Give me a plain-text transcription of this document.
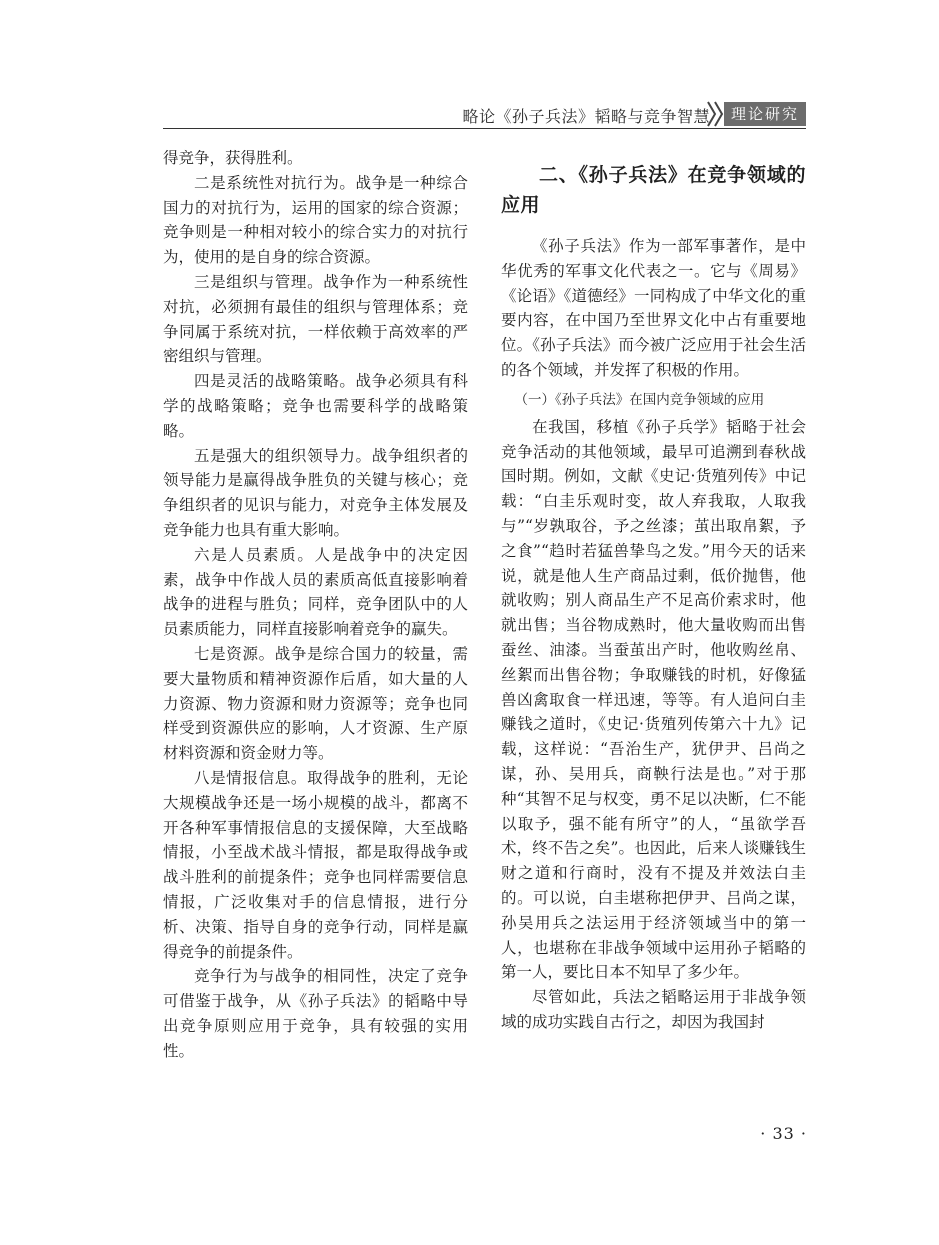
略论《孙子兵法》韬略与竞争智慧	理论研究

得竞争，获得胜利。

二是系统性对抗行为。战争是一种综合国力的对抗行为，运用的国家的综合资源；竞争则是一种相对较小的综合实力的对抗行为，使用的是自身的综合资源。

三是组织与管理。战争作为一种系统性对抗，必须拥有最佳的组织与管理体系；竞争同属于系统对抗，一样依赖于高效率的严密组织与管理。

四是灵活的战略策略。战争必须具有科学的战略策略；竞争也需要科学的战略策略。

五是强大的组织领导力。战争组织者的领导能力是赢得战争胜负的关键与核心；竞争组织者的见识与能力，对竞争主体发展及竞争能力也具有重大影响。

六是人员素质。人是战争中的决定因素，战争中作战人员的素质高低直接影响着战争的进程与胜负；同样，竞争团队中的人员素质能力，同样直接影响着竞争的赢失。

七是资源。战争是综合国力的较量，需要大量物质和精神资源作后盾，如大量的人力资源、物力资源和财力资源等；竞争也同样受到资源供应的影响，人才资源、生产原材料资源和资金财力等。

八是情报信息。取得战争的胜利，无论大规模战争还是一场小规模的战斗，都离不开各种军事情报信息的支援保障，大至战略情报，小至战术战斗情报，都是取得战争或战斗胜利的前提条件；竞争也同样需要信息情报，广泛收集对手的信息情报，进行分析、决策、指导自身的竞争行动，同样是赢得竞争的前提条件。

竞争行为与战争的相同性，决定了竞争可借鉴于战争，从《孙子兵法》的韬略中导出竞争原则应用于竞争，具有较强的实用性。

二、《孙子兵法》在竞争领域的应用

《孙子兵法》作为一部军事著作，是中华优秀的军事文化代表之一。它与《周易》《论语》《道德经》一同构成了中华文化的重要内容，在中国乃至世界文化中占有重要地位。《孙子兵法》而今被广泛应用于社会生活的各个领域，并发挥了积极的作用。

（一）《孙子兵法》在国内竞争领域的应用

在我国，移植《孙子兵学》韬略于社会竞争活动的其他领域，最早可追溯到春秋战国时期。例如，文献《史记·货殖列传》中记载：“白圭乐观时变，故人弃我取，人取我与”“岁孰取谷，予之丝漆；茧出取帛絮，予之食”“趋时若猛兽挚鸟之发。”用今天的话来说，就是他人生产商品过剩，低价抛售，他就收购；别人商品生产不足高价索求时，他就出售；当谷物成熟时，他大量收购而出售蚕丝、油漆。当蚕茧出产时，他收购丝帛、丝絮而出售谷物；争取赚钱的时机，好像猛兽凶禽取食一样迅速，等等。有人追问白圭赚钱之道时，《史记·货殖列传第六十九》记载，这样说：“吾治生产，犹伊尹、吕尚之谋，孙、吴用兵，商鞅行法是也。”对于那种“其智不足与权变，勇不足以决断，仁不能以取予，强不能有所守”的人，“虽欲学吾术，终不告之矣”。也因此，后来人谈赚钱生财之道和行商时，没有不提及并效法白圭的。可以说，白圭堪称把伊尹、吕尚之谋，孙吴用兵之法运用于经济领域当中的第一人，也堪称在非战争领域中运用孙子韬略的第一人，要比日本不知早了多少年。

尽管如此，兵法之韬略运用于非战争领域的成功实践自古行之，却因为我国封

· 33 ·
